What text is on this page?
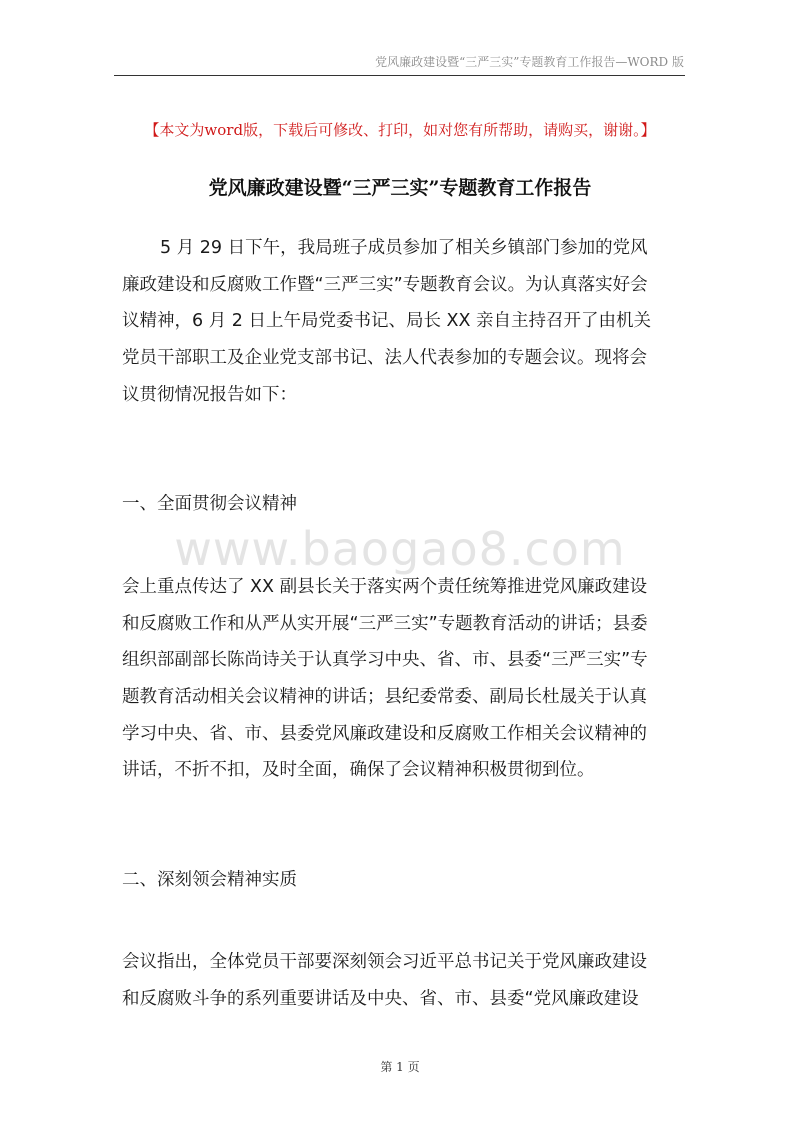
党风廉政建设暨“三严三实”专题教育工作报告—WORD 版
【本文为word版，下载后可修改、打印，如对您有所帮助，请购买，谢谢。】
党风廉政建设暨“三严三实”专题教育工作报告
5 月 29 日下午，我局班子成员参加了相关乡镇部门参加的党风
廉政建设和反腐败工作暨“三严三实”专题教育会议。为认真落实好会
议精神，6 月 2 日上午局党委书记、局长 XX 亲自主持召开了由机关
党员干部职工及企业党支部书记、法人代表参加的专题会议。现将会
议贯彻情况报告如下：
一、全面贯彻会议精神
www.baogao8.com
会上重点传达了 XX 副县长关于落实两个责任统筹推进党风廉政建设
和反腐败工作和从严从实开展“三严三实”专题教育活动的讲话；县委
组织部副部长陈尚诗关于认真学习中央、省、市、县委“三严三实”专
题教育活动相关会议精神的讲话；县纪委常委、副局长杜晟关于认真
学习中央、省、市、县委党风廉政建设和反腐败工作相关会议精神的
讲话，不折不扣，及时全面，确保了会议精神积极贯彻到位。
二、深刻领会精神实质
会议指出，全体党员干部要深刻领会习近平总书记关于党风廉政建设
和反腐败斗争的系列重要讲话及中央、省、市、县委“党风廉政建设
第 1 页
